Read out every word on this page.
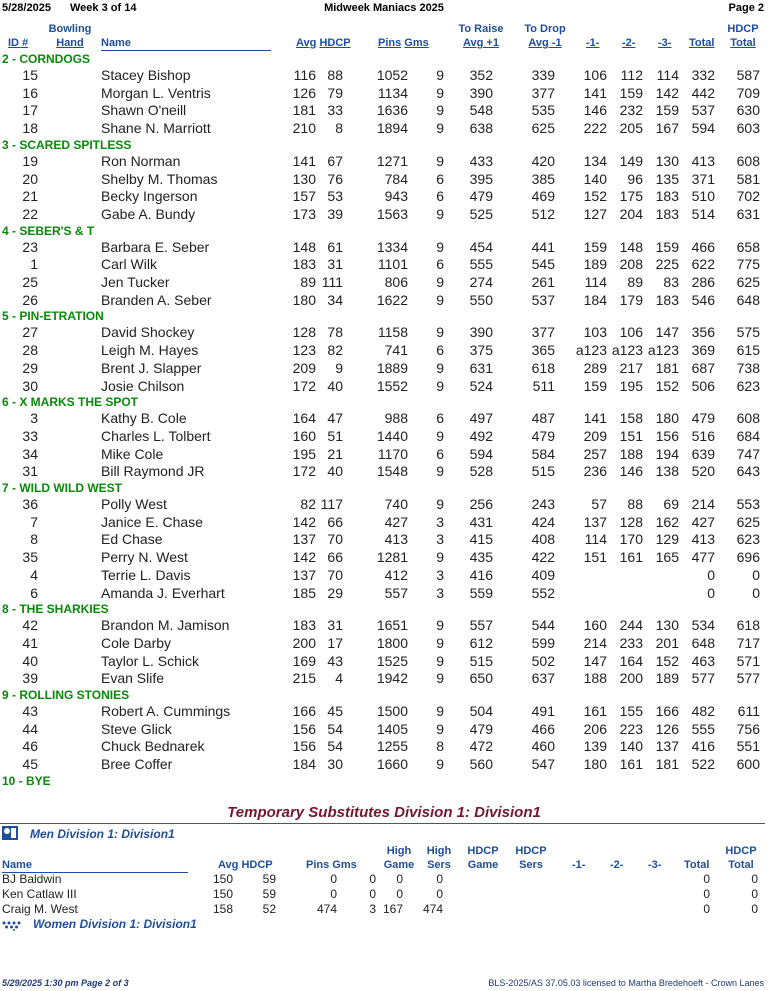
5/28/2025 Week 3 of 14	Midweek Maniacs 2025	Page 2
ID #
Bowling
Hand	Name	Avg HDCP Pins Gms
To Raise
Avg +1
To Drop
Avg -1	-1- -2- -3- Total
HDCP
Total
2 - CORNDOGS
15	Stacey Bishop	116 88 1052 9 352	339 106 112 114 332 587
16	Morgan L. Ventris	126 79 1134 9 390	377 141 159 142 442 709
17	Shawn O'neill	181 33 1636 9 548	535 146 232 159 537 630
18	Shane N. Marriott	210 8 1894 9 638	625 222 205 167 594 603
3 - SCARED SPITLESS
19	Ron Norman	141 67 1271 9 433	420 134 149 130 413 608
20	Shelby M. Thomas	130 76	784 6 395	385 140 96 135 371 581
21	Becky Ingerson	157 53	943 6 479	469 152 175 183 510 702
22	Gabe A. Bundy	173 39 1563 9 525	512 127 204 183 514 631
4 - SEBER'S & T
23	Barbara E. Seber	148 61 1334 9 454	441 159 148 159 466 658
1	Carl Wilk	183 31 1101 6 555	545 189 208 225 622 775
25	Jen Tucker	89 111	806 9 274	261 114 89 83 286 625
26	Branden A. Seber	180 34 1622 9 550	537 184 179 183 546 648
5 - PIN-ETRATION
27	David Shockey	128 78 1158 9 390	377 103 106 147 356 575
28	Leigh M. Hayes	123 82	741 6 375	365 a123 a123 a123 369 615
29	Brent J. Slapper	209 9 1889 9 631	618 289 217 181 687 738
30	Josie Chilson	172 40 1552 9 524	511 159 195 152 506 623
6 - X MARKS THE SPOT
3	Kathy B. Cole	164 47	988 6 497	487 141 158 180 479 608
33	Charles L. Tolbert	160 51 1440 9 492	479 209 151 156 516 684
34	Mike Cole	195 21 1170 6 594	584 257 188 194 639 747
31	Bill Raymond JR	172 40 1548 9 528	515 236 146 138 520 643
7 - WILD WILD WEST
36	Polly West	82 117	740 9 256	243	57 88 69 214 553
7	Janice E. Chase	142 66	427 3 431	424 137 128 162 427 625
8	Ed Chase	137 70	413 3 415	408 114 170 129 413 623
35	Perry N. West	142 66 1281 9 435	422 151 161 165 477 696
4	Terrie L. Davis	137 70	412 3 416	409	0	0
6	Amanda J. Everhart	185 29	557 3 559	552	0	0
8 - THE SHARKIES
42	Brandon M. Jamison	183 31 1651 9 557	544 160 244 130 534 618
41	Cole Darby	200 17 1800 9 612	599 214 233 201 648 717
40	Taylor L. Schick	169 43 1525 9 515	502 147 164 152 463 571
39	Evan Slife	215 4 1942 9 650	637 188 200 189 577 577
9 - ROLLING STONIES
43	Robert A. Cummings	166 45 1500 9 504	491 161 155 166 482 611
44	Steve Glick	156 54 1405 9 479	466 206 223 126 555 756
46	Chuck Bednarek	156 54 1255 8 472	460 139 140 137 416 551
45	Bree Coffer	184 30 1660 9 560	547 180 161 181 522 600
10 - BYE
Temporary Substitutes Division 1: Division1
Men Division 1: Division1
Name	Avg HDCP	Pins Gms
High
Game
High
Sers
HDCP
Game
HDCP
Sers	-1- -2- -3- Total
HDCP
Total
BJ Baldwin	150 59	0	0 0	0	0	0
Ken Catlaw III	150 59	0	0 0	0	0	0
Craig M. West	158 52	474	3 167 474	0	0
Women Division 1: Division1
5/29/2025 1:30 pm Page 2 of 3	BLS-2025/AS 37.05.03 licensed to Martha Bredehoeft - Crown Lanes
